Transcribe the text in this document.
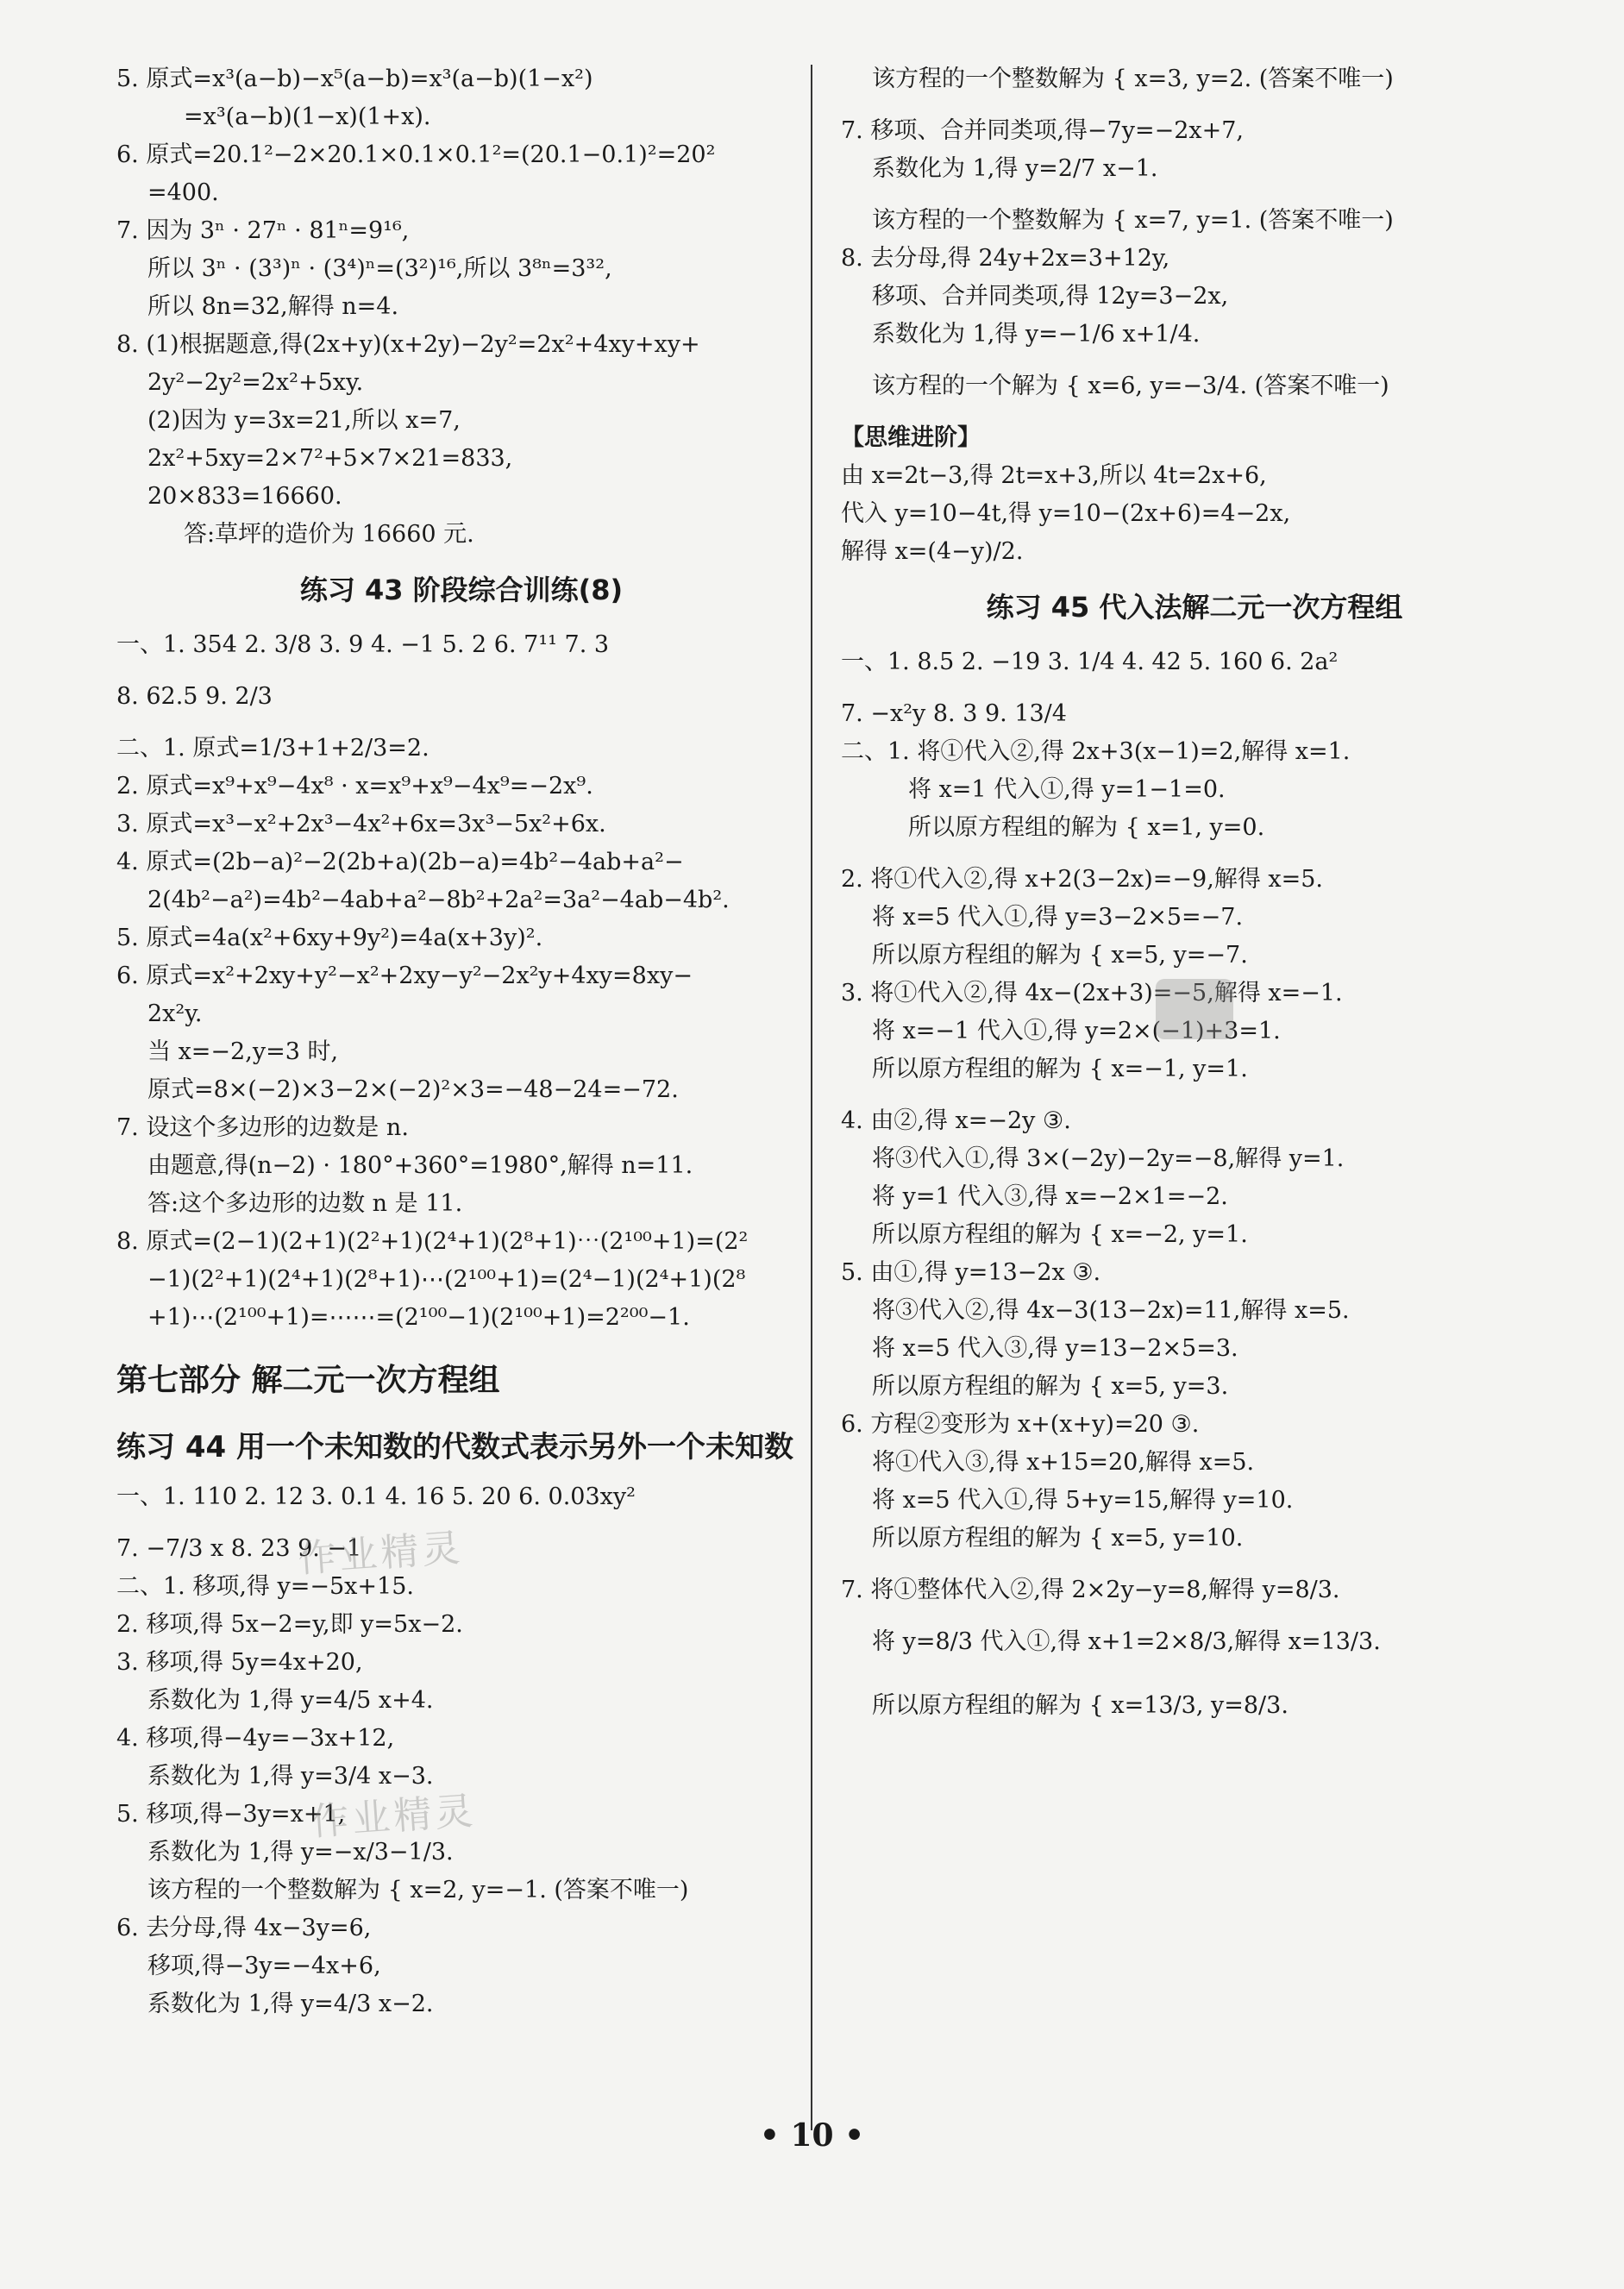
5. 原式=x³(a−b)−x⁵(a−b)=x³(a−b)(1−x²)
=x³(a−b)(1−x)(1+x).
6. 原式=20.1²−2×20.1×0.1×0.1²=(20.1−0.1)²=20²
=400.
7. 因为 3ⁿ · 27ⁿ · 81ⁿ=9¹⁶,
所以 3ⁿ · (3³)ⁿ · (3⁴)ⁿ=(3²)¹⁶,所以 3⁸ⁿ=3³²,
所以 8n=32,解得 n=4.
8. (1)根据题意,得(2x+y)(x+2y)−2y²=2x²+4xy+xy+
2y²−2y²=2x²+5xy.
(2)因为 y=3x=21,所以 x=7,
2x²+5xy=2×7²+5×7×21=833,
20×833=16660.
答:草坪的造价为 16660 元.
练习 43 阶段综合训练(8)
一、1. 354 2. 3/8 3. 9 4. −1 5. 2 6. 7¹¹ 7. 3
8. 62.5 9. 2/3
二、1. 原式=1/3+1+2/3=2.
2. 原式=x⁹+x⁹−4x⁸ · x=x⁹+x⁹−4x⁹=−2x⁹.
3. 原式=x³−x²+2x³−4x²+6x=3x³−5x²+6x.
4. 原式=(2b−a)²−2(2b+a)(2b−a)=4b²−4ab+a²−
2(4b²−a²)=4b²−4ab+a²−8b²+2a²=3a²−4ab−4b².
5. 原式=4a(x²+6xy+9y²)=4a(x+3y)².
6. 原式=x²+2xy+y²−x²+2xy−y²−2x²y+4xy=8xy−
2x²y.
当 x=−2,y=3 时,
原式=8×(−2)×3−2×(−2)²×3=−48−24=−72.
7. 设这个多边形的边数是 n.
由题意,得(n−2) · 180°+360°=1980°,解得 n=11.
答:这个多边形的边数 n 是 11.
8. 原式=(2−1)(2+1)(2²+1)(2⁴+1)(2⁸+1)⋯(2¹⁰⁰+1)=(2²
−1)(2²+1)(2⁴+1)(2⁸+1)⋯(2¹⁰⁰+1)=(2⁴−1)(2⁴+1)(2⁸
+1)⋯(2¹⁰⁰+1)=⋯⋯=(2¹⁰⁰−1)(2¹⁰⁰+1)=2²⁰⁰−1.
第七部分 解二元一次方程组
练习 44 用一个未知数的代数式表示另外一个未知数
一、1. 110 2. 12 3. 0.1 4. 16 5. 20 6. 0.03xy²
7. −7/3 x 8. 23 9. −1
二、1. 移项,得 y=−5x+15.
2. 移项,得 5x−2=y,即 y=5x−2.
3. 移项,得 5y=4x+20,
系数化为 1,得 y=4/5 x+4.
4. 移项,得−4y=−3x+12,
系数化为 1,得 y=3/4 x−3.
5. 移项,得−3y=x+1,
系数化为 1,得 y=−x/3−1/3.
该方程的一个整数解为 { x=2, y=−1. (答案不唯一)
6. 去分母,得 4x−3y=6,
移项,得−3y=−4x+6,
系数化为 1,得 y=4/3 x−2.
该方程的一个整数解为 { x=3, y=2. (答案不唯一)
7. 移项、合并同类项,得−7y=−2x+7,
系数化为 1,得 y=2/7 x−1.
该方程的一个整数解为 { x=7, y=1. (答案不唯一)
8. 去分母,得 24y+2x=3+12y,
移项、合并同类项,得 12y=3−2x,
系数化为 1,得 y=−1/6 x+1/4.
该方程的一个解为 { x=6, y=−3/4. (答案不唯一)
【思维进阶】
由 x=2t−3,得 2t=x+3,所以 4t=2x+6,
代入 y=10−4t,得 y=10−(2x+6)=4−2x,
解得 x=(4−y)/2.
练习 45 代入法解二元一次方程组
一、1. 8.5 2. −19 3. 1/4 4. 42 5. 160 6. 2a²
7. −x²y 8. 3 9. 13/4
二、1. 将①代入②,得 2x+3(x−1)=2,解得 x=1.
将 x=1 代入①,得 y=1−1=0.
所以原方程组的解为 { x=1, y=0.
2. 将①代入②,得 x+2(3−2x)=−9,解得 x=5.
将 x=5 代入①,得 y=3−2×5=−7.
所以原方程组的解为 { x=5, y=−7.
3. 将①代入②,得 4x−(2x+3)=−5,解得 x=−1.
将 x=−1 代入①,得 y=2×(−1)+3=1.
所以原方程组的解为 { x=−1, y=1.
4. 由②,得 x=−2y ③.
将③代入①,得 3×(−2y)−2y=−8,解得 y=1.
将 y=1 代入③,得 x=−2×1=−2.
所以原方程组的解为 { x=−2, y=1.
5. 由①,得 y=13−2x ③.
将③代入②,得 4x−3(13−2x)=11,解得 x=5.
将 x=5 代入③,得 y=13−2×5=3.
所以原方程组的解为 { x=5, y=3.
6. 方程②变形为 x+(x+y)=20 ③.
将①代入③,得 x+15=20,解得 x=5.
将 x=5 代入①,得 5+y=15,解得 y=10.
所以原方程组的解为 { x=5, y=10.
7. 将①整体代入②,得 2×2y−y=8,解得 y=8/3.
将 y=8/3 代入①,得 x+1=2×8/3,解得 x=13/3.
所以原方程组的解为 { x=13/3, y=8/3.
作业精灵
作业精灵
• 10 •
